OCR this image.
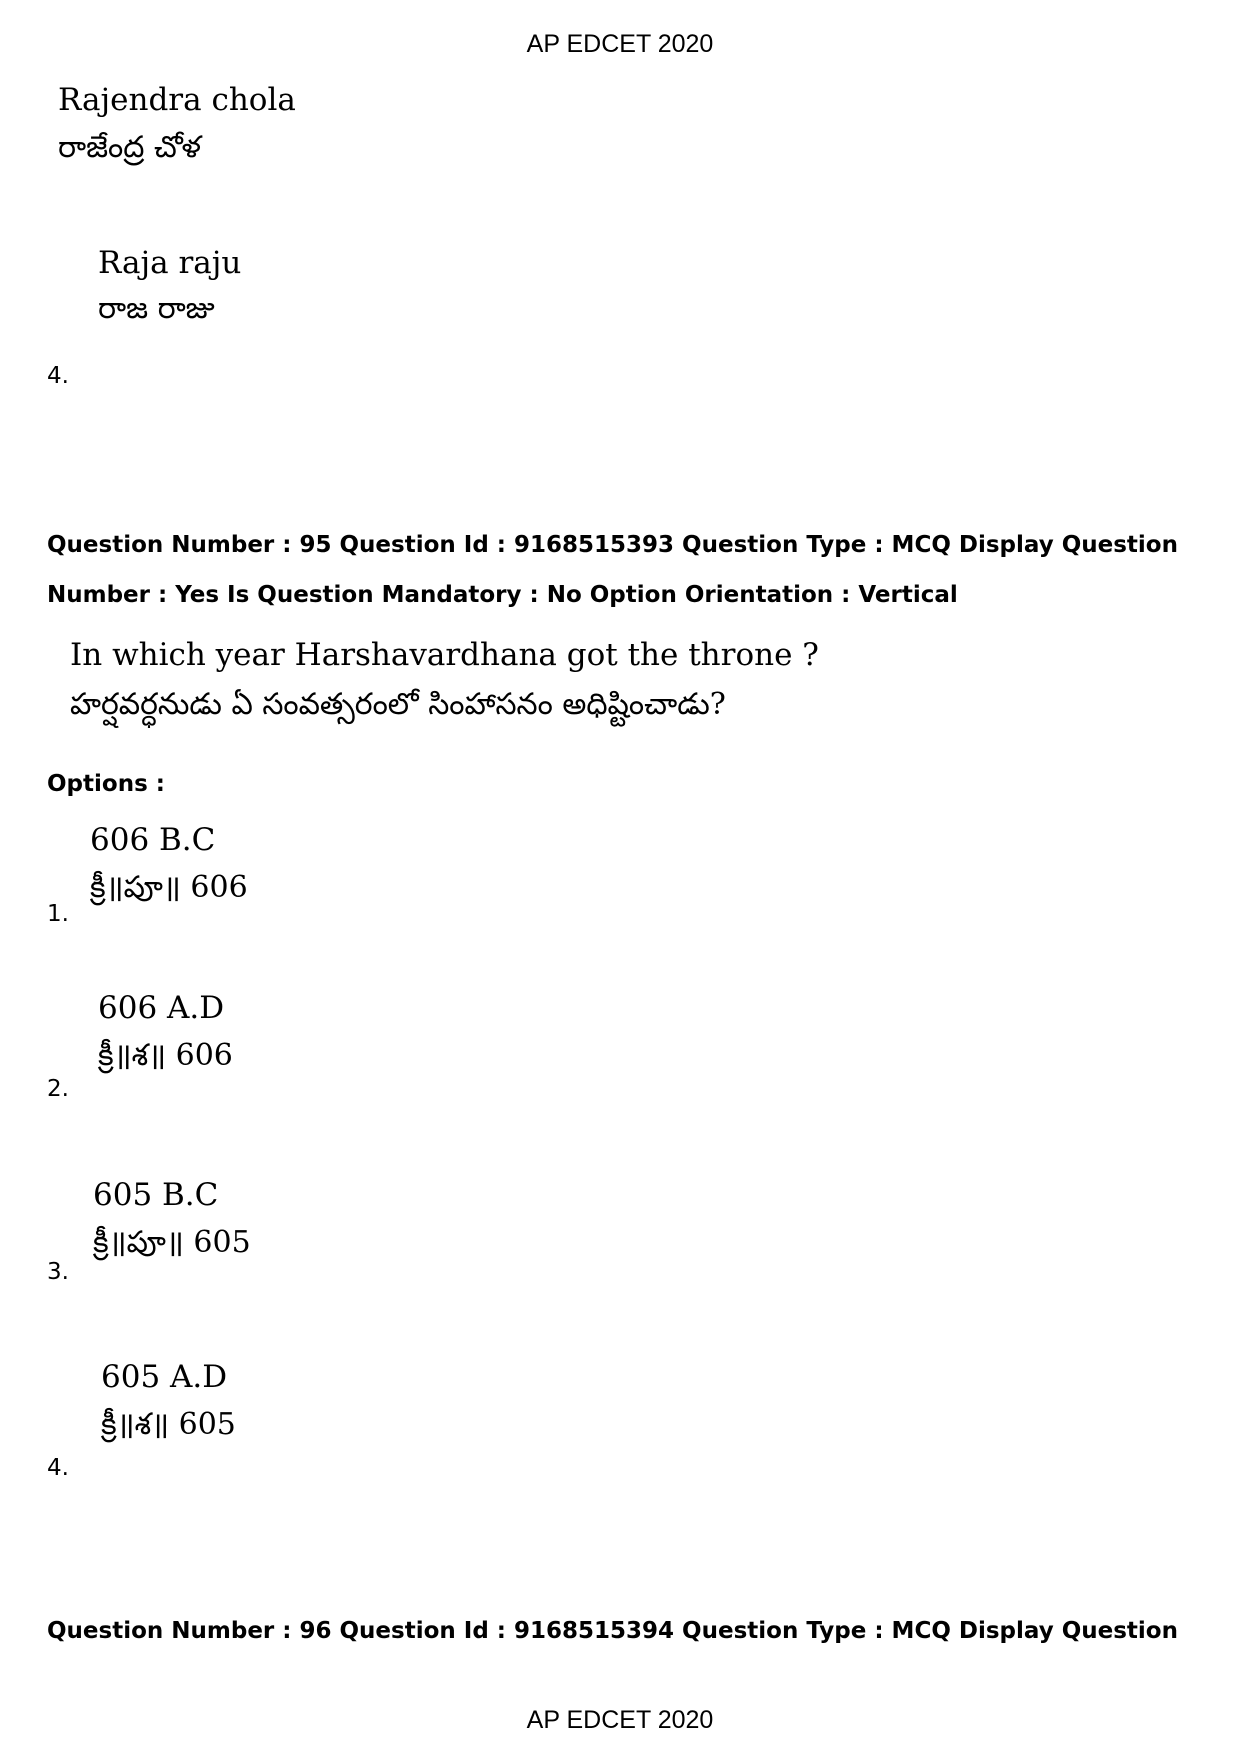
AP EDCET 2020
Rajendra chola
రాజేంద్ర చోళ
Raja raju
రాజ రాజు
4.
Question Number : 95 Question Id : 9168515393 Question Type : MCQ Display Question Number : Yes Is Question Mandatory : No Option Orientation : Vertical
In which year Harshavardhana got the throne ?
హర్షవర్ధనుడు ఏ సంవత్సరంలో సింహాసనం అధిష్టించాడు?
Options :
606 B.C
క్రీ॥పూ॥ 606
1.
606 A.D
క్రీ॥శ॥ 606
2.
605 B.C
క్రీ॥పూ॥ 605
3.
605 A.D
క్రీ॥శ॥ 605
4.
Question Number : 96 Question Id : 9168515394 Question Type : MCQ Display Question
AP EDCET 2020
